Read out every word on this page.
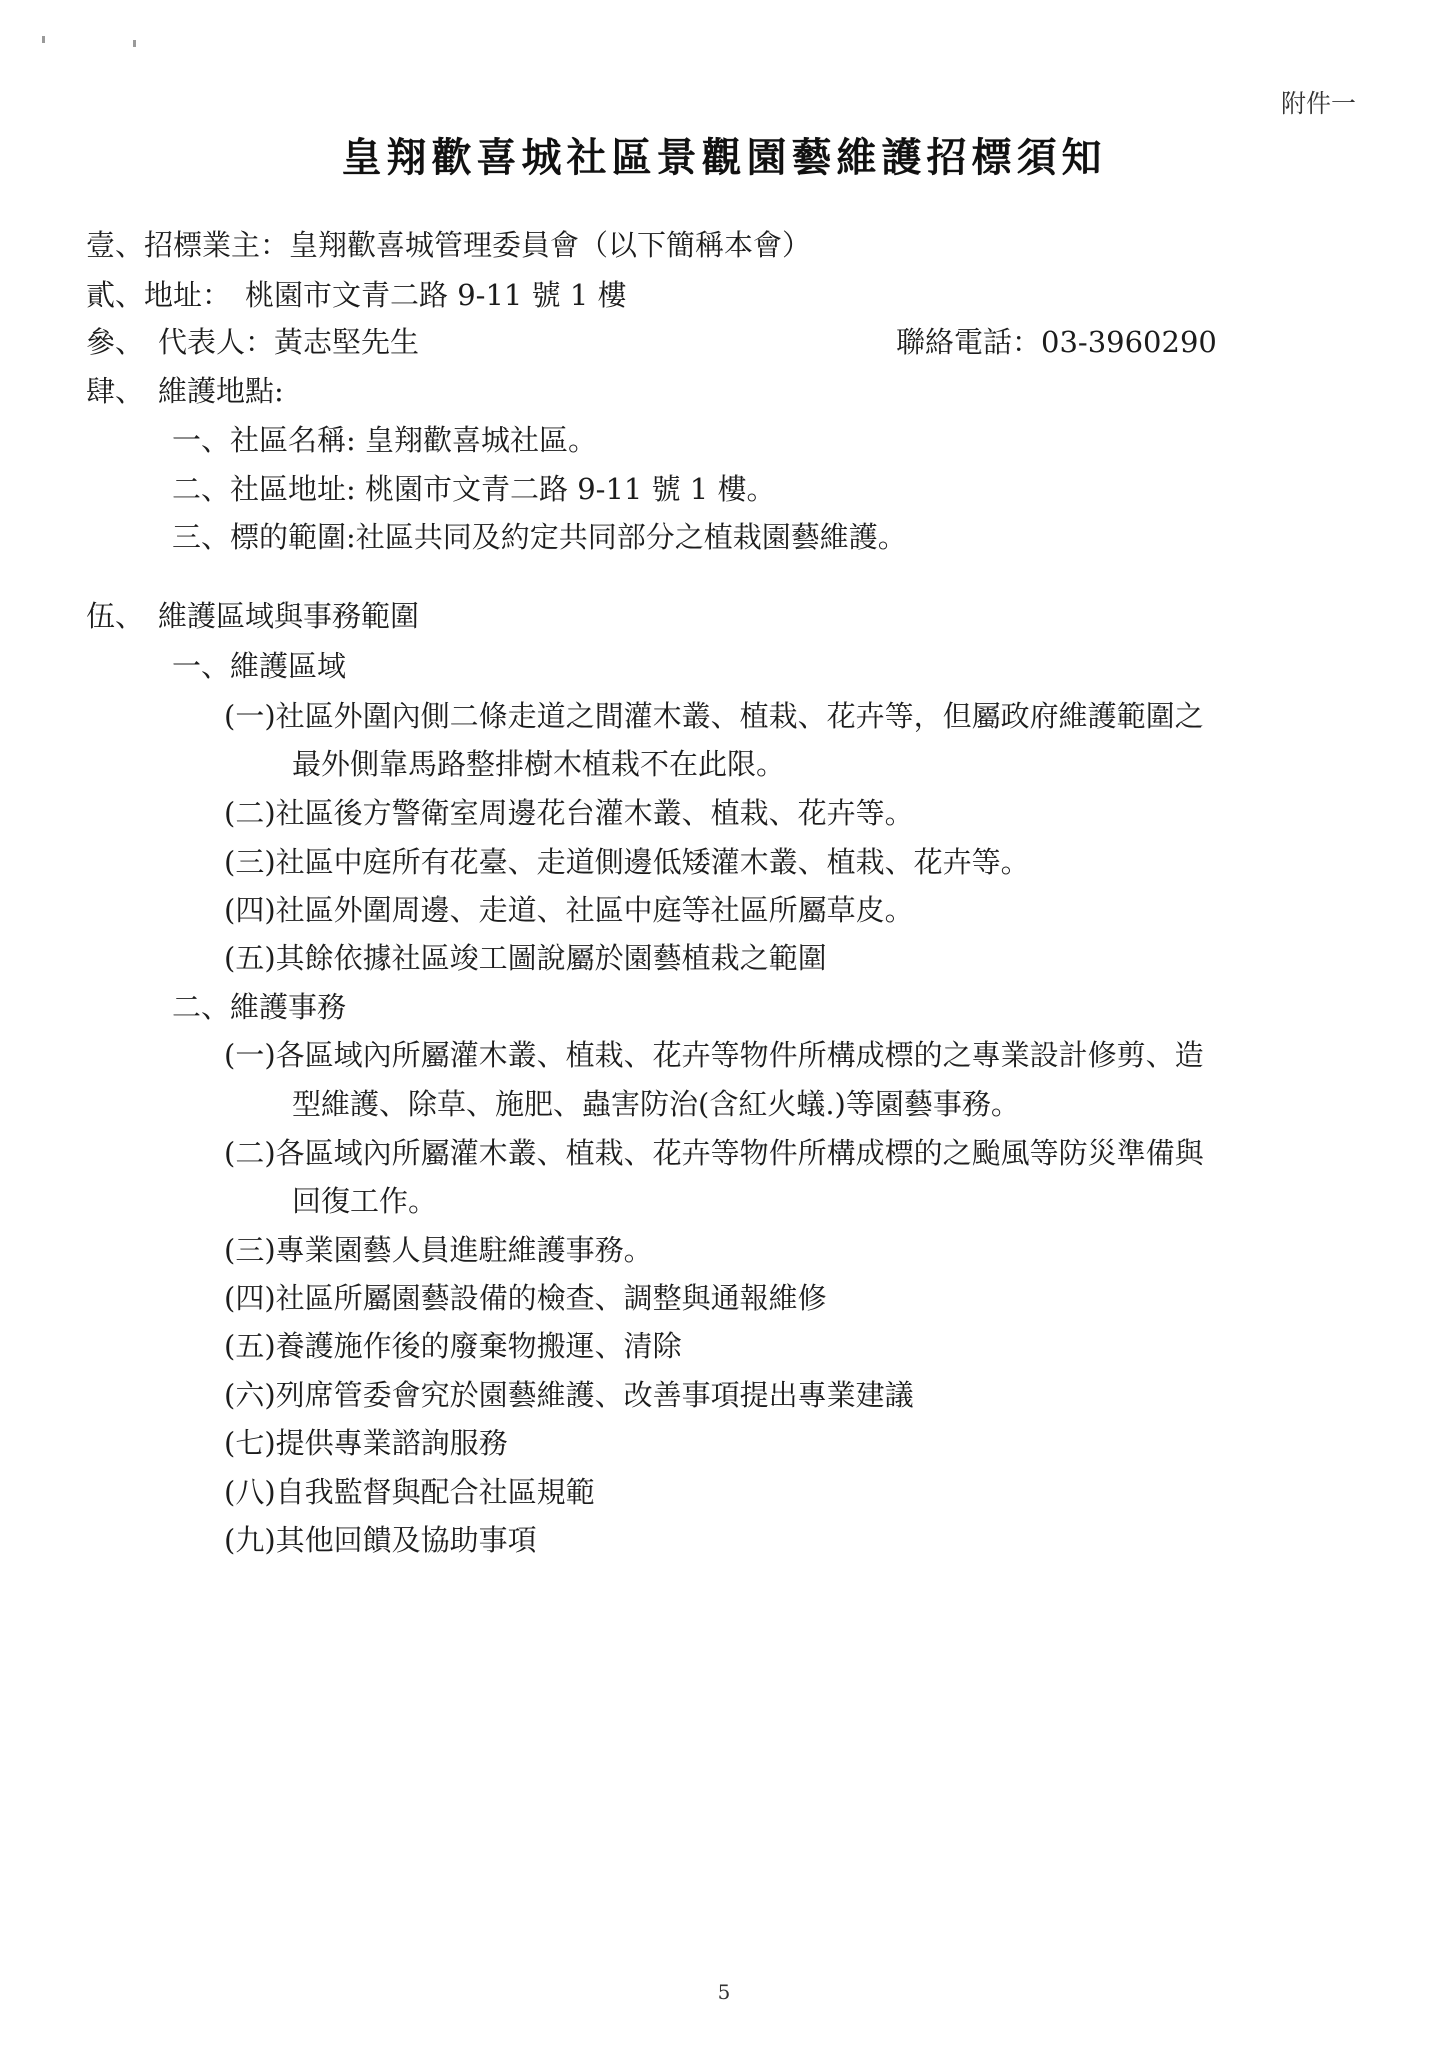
附件一
皇翔歡喜城社區景觀園藝維護招標須知
壹、招標業主：皇翔歡喜城管理委員會（以下簡稱本會）
貳、地址： 桃園市文青二路 9-11 號 1 樓
參、 代表人：黃志堅先生	聯絡電話：03-3960290
肆、 維護地點:
一、社區名稱: 皇翔歡喜城社區。
二、社區地址: 桃園市文青二路 9-11 號 1 樓。
三、標的範圍:社區共同及約定共同部分之植栽園藝維護。
伍、 維護區域與事務範圍
一、維護區域
(一)社區外圍內側二條走道之間灌木叢、植栽、花卉等，但屬政府維護範圍之
最外側靠馬路整排樹木植栽不在此限。
(二)社區後方警衛室周邊花台灌木叢、植栽、花卉等。
(三)社區中庭所有花臺、走道側邊低矮灌木叢、植栽、花卉等。
(四)社區外圍周邊、走道、社區中庭等社區所屬草皮。
(五)其餘依據社區竣工圖說屬於園藝植栽之範圍
二、維護事務
(一)各區域內所屬灌木叢、植栽、花卉等物件所構成標的之專業設計修剪、造
型維護、除草、施肥、蟲害防治(含紅火蟻.)等園藝事務。
(二)各區域內所屬灌木叢、植栽、花卉等物件所構成標的之颱風等防災準備與
回復工作。
(三)專業園藝人員進駐維護事務。
(四)社區所屬園藝設備的檢查、調整與通報維修
(五)養護施作後的廢棄物搬運、清除
(六)列席管委會究於園藝維護、改善事項提出專業建議
(七)提供專業諮詢服務
(八)自我監督與配合社區規範
(九)其他回饋及協助事項
5
